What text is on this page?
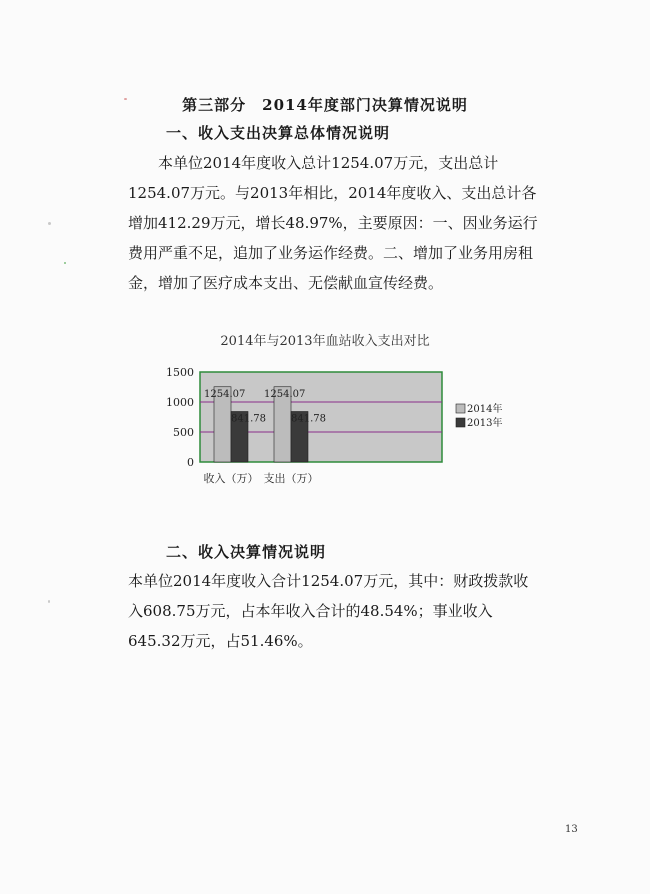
第三部分　2014年度部门决算情况说明
一、收入支出决算总体情况说明

本单位2014年度收入总计1254.07万元，支出总计1254.07万元。与2013年相比，2014年度收入、支出总计各增加412.29万元，增长48.97%，主要原因：一、因业务运行费用严重不足，追加了业务运作经费。二、增加了业务用房租金，增加了医疗成本支出、无偿献血宣传经费。

2014年与2013年血站收入支出对比
0
500
1000
1500
1254.07
841.78
1254.07
841.78
收入（万） 支出（万）
2014年
2013年
二、收入决算情况说明

本单位2014年度收入合计1254.07万元，其中：财政拨款收入608.75万元，占本年收入合计的48.54%；事业收入645.32万元，占51.46%。

13
